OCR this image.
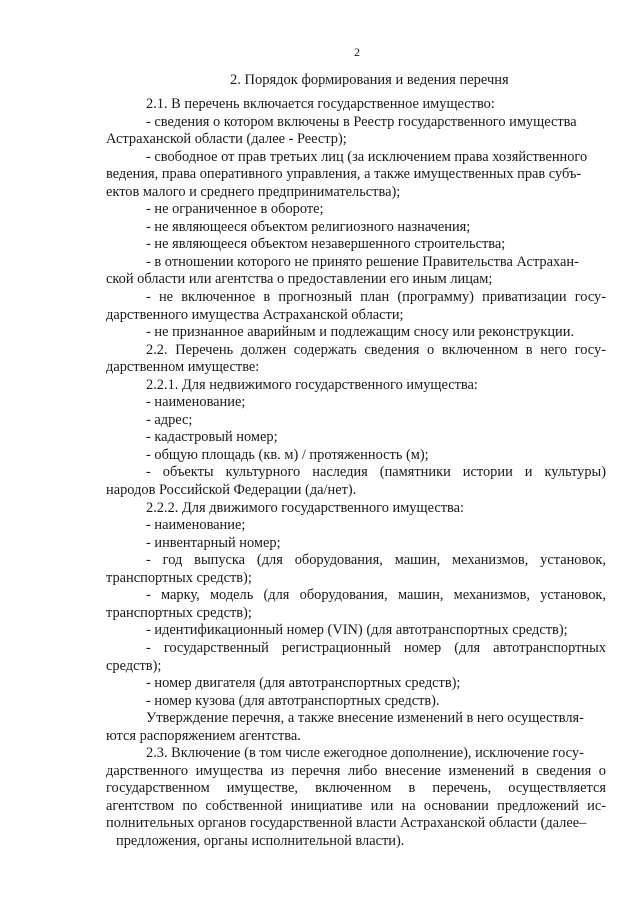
2
2. Порядок формирования и ведения перечня
2.1. В перечень включается государственное имущество:
- сведения о котором включены в Реестр государственного имущества
Астраханской области (далее - Реестр);
- свободное от прав третьих лиц (за исключением права хозяйственного
ведения, права оперативного управления, а также имущественных прав субъ-
ектов малого и среднего предпринимательства);
- не ограниченное в обороте;
- не являющееся объектом религиозного назначения;
- не являющееся объектом незавершенного строительства;
- в отношении которого не принято решение Правительства Астрахан-
ской области или агентства о предоставлении его иным лицам;
- не включенное в прогнозный план (программу) приватизации госу-
дарственного имущества Астраханской области;
- не признанное аварийным и подлежащим сносу или реконструкции.
2.2. Перечень должен содержать сведения о включенном в него госу-
дарственном имуществе:
2.2.1. Для недвижимого государственного имущества:
- наименование;
- адрес;
- кадастровый номер;
- общую площадь (кв. м) / протяженность (м);
- объекты культурного наследия (памятники истории и культуры)
народов Российской Федерации (да/нет).
2.2.2. Для движимого государственного имущества:
- наименование;
- инвентарный номер;
- год выпуска (для оборудования, машин, механизмов, установок,
транспортных средств);
- марку, модель (для оборудования, машин, механизмов, установок,
транспортных средств);
- идентификационный номер (VIN) (для автотранспортных средств);
- государственный регистрационный номер (для автотранспортных
средств);
- номер двигателя (для автотранспортных средств);
- номер кузова (для автотранспортных средств).
Утверждение перечня, а также внесение изменений в него осуществля-
ются распоряжением агентства.
2.3. Включение (в том числе ежегодное дополнение), исключение госу-
дарственного имущества из перечня либо внесение изменений в сведения о
государственном имуществе, включенном в перечень, осуществляется
агентством по собственной инициативе или на основании предложений ис-
полнительных органов государственной власти Астраханской области (далее–
предложения, органы исполнительной власти).
